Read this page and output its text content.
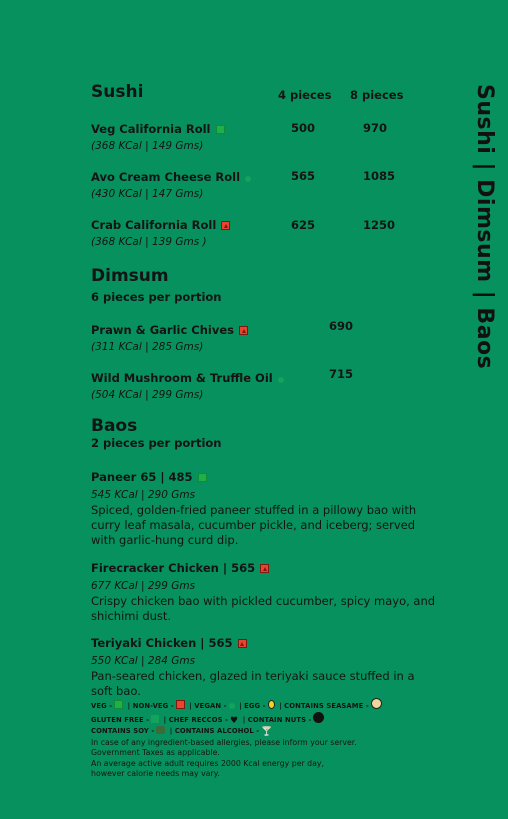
Sushi | Dimsum | Baos
Sushi	4 pieces 8 pieces
Veg California Roll
(368 KCal | 149 Gms)
500	970
Avo Cream Cheese Roll
(430 KCal | 147 Gms)
565	1085
Crab California Roll
(368 KCal | 139 Gms )
625	1250
Dimsum
6 pieces per portion
Prawn & Garlic Chives
(311 KCal | 285 Gms)
690
Wild Mushroom & Truffle Oil
(504 KCal | 299 Gms)
715
Baos
2 pieces per portion
Paneer 65 | 485
545 KCal | 290 Gms
Spiced, golden-fried paneer stuffed in a pillowy bao with curry leaf masala, cucumber pickle, and iceberg; served with garlic-hung curd dip.
Firecracker Chicken | 565
677 KCal | 299 Gms
Crispy chicken bao with pickled cucumber, spicy mayo, and shichimi dust.
Teriyaki Chicken | 565
550 KCal | 284 Gms
Pan-seared chicken, glazed in teriyaki sauce stuffed in a soft bao.
VEG - | NON-VEG - | VEGAN - | EGG - | CONTAINS SEASAME -
GLUTEN FREE - | CHEF RECCOS - ♥ | CONTAIN NUTS -
CONTAINS SOY - | CONTAINS ALCOHOL - 🍸
In case of any ingredient-based allergies, please inform your server.
Government Taxes as applicable.
An average active adult requires 2000 Kcal energy per day,
however calorie needs may vary.
